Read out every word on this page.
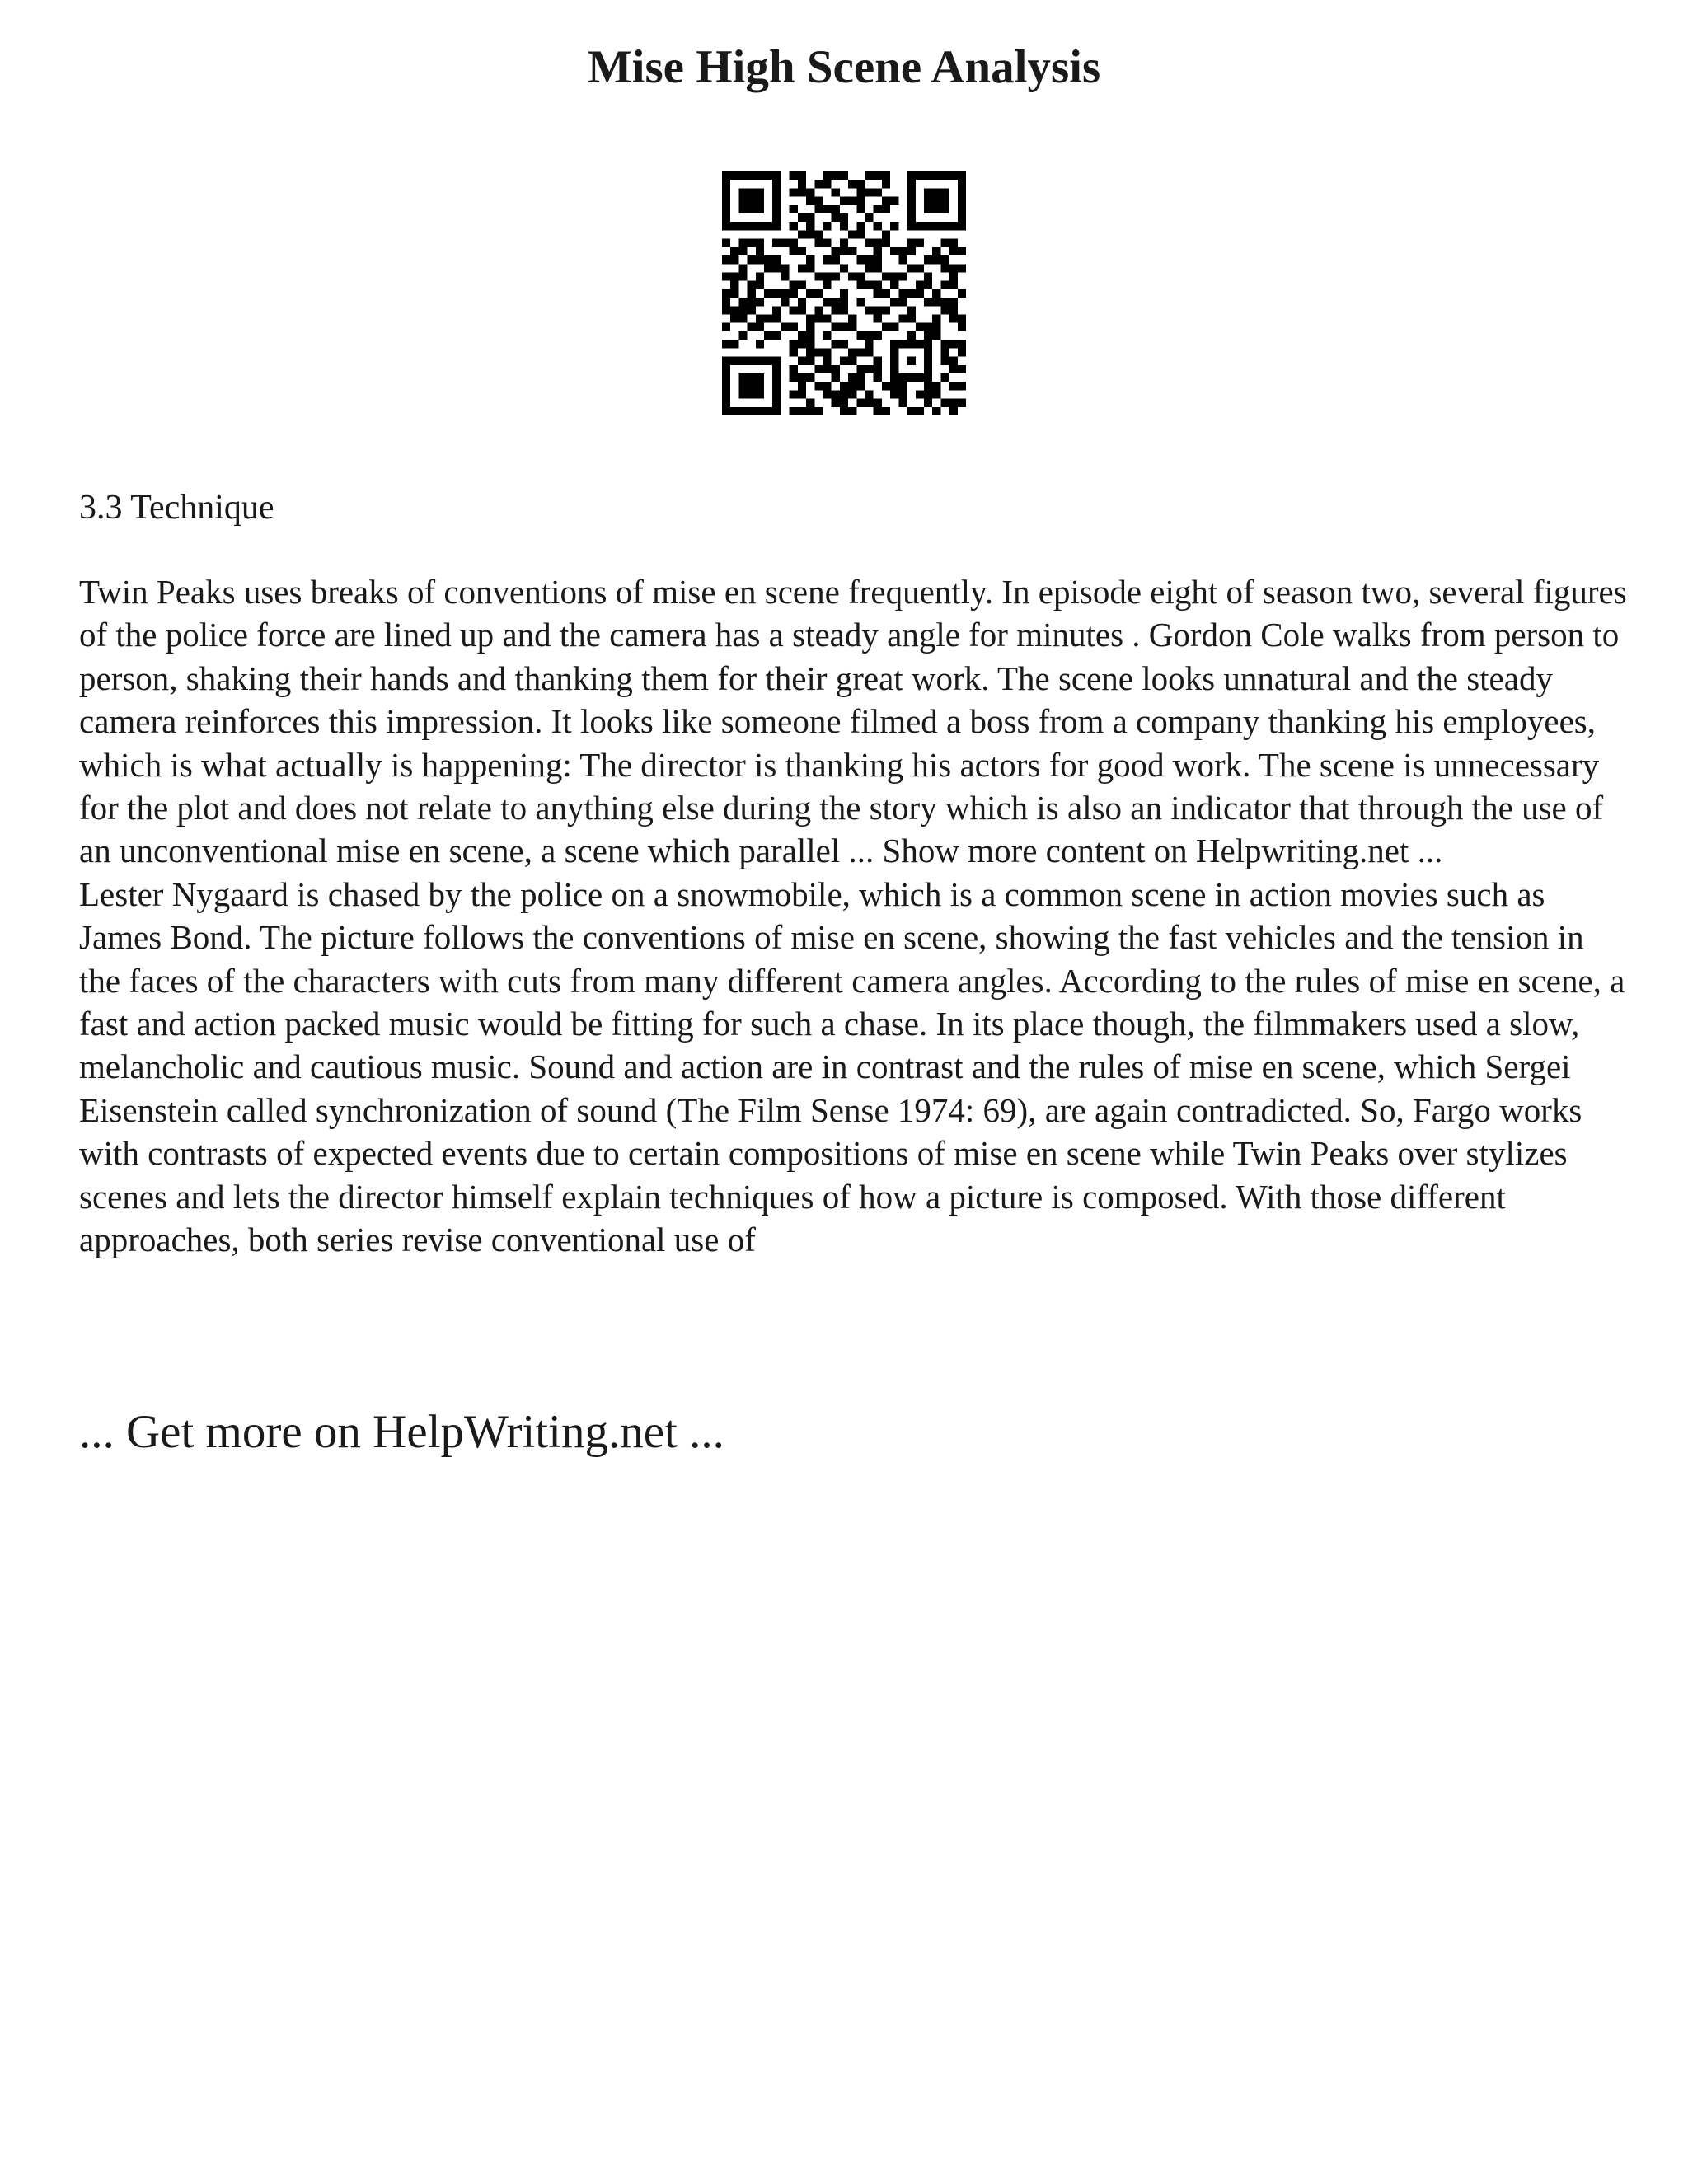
Mise High Scene Analysis
3.3 Technique

Twin Peaks uses breaks of conventions of mise en scene frequently. In episode eight of season two, several figures of the police force are lined up and the camera has a steady angle for minutes . Gordon Cole walks from person to person, shaking their hands and thanking them for their great work. The scene looks unnatural and the steady camera reinforces this impression. It looks like someone filmed a boss from a company thanking his employees, which is what actually is happening: The director is thanking his actors for good work. The scene is unnecessary for the plot and does not relate to anything else during the story which is also an indicator that through the use of an unconventional mise en scene, a scene which parallel ... Show more content on Helpwriting.net ...

Lester Nygaard is chased by the police on a snowmobile, which is a common scene in action movies such as James Bond. The picture follows the conventions of mise en scene, showing the fast vehicles and the tension in the faces of the characters with cuts from many different camera angles. According to the rules of mise en scene, a fast and action packed music would be fitting for such a chase. In its place though, the filmmakers used a slow, melancholic and cautious music. Sound and action are in contrast and the rules of mise en scene, which Sergei Eisenstein called synchronization of sound (The Film Sense 1974: 69), are again contradicted. So, Fargo works with contrasts of expected events due to certain compositions of mise en scene while Twin Peaks over stylizes scenes and lets the director himself explain techniques of how a picture is composed. With those different approaches, both series revise conventional use of

... Get more on HelpWriting.net ...
